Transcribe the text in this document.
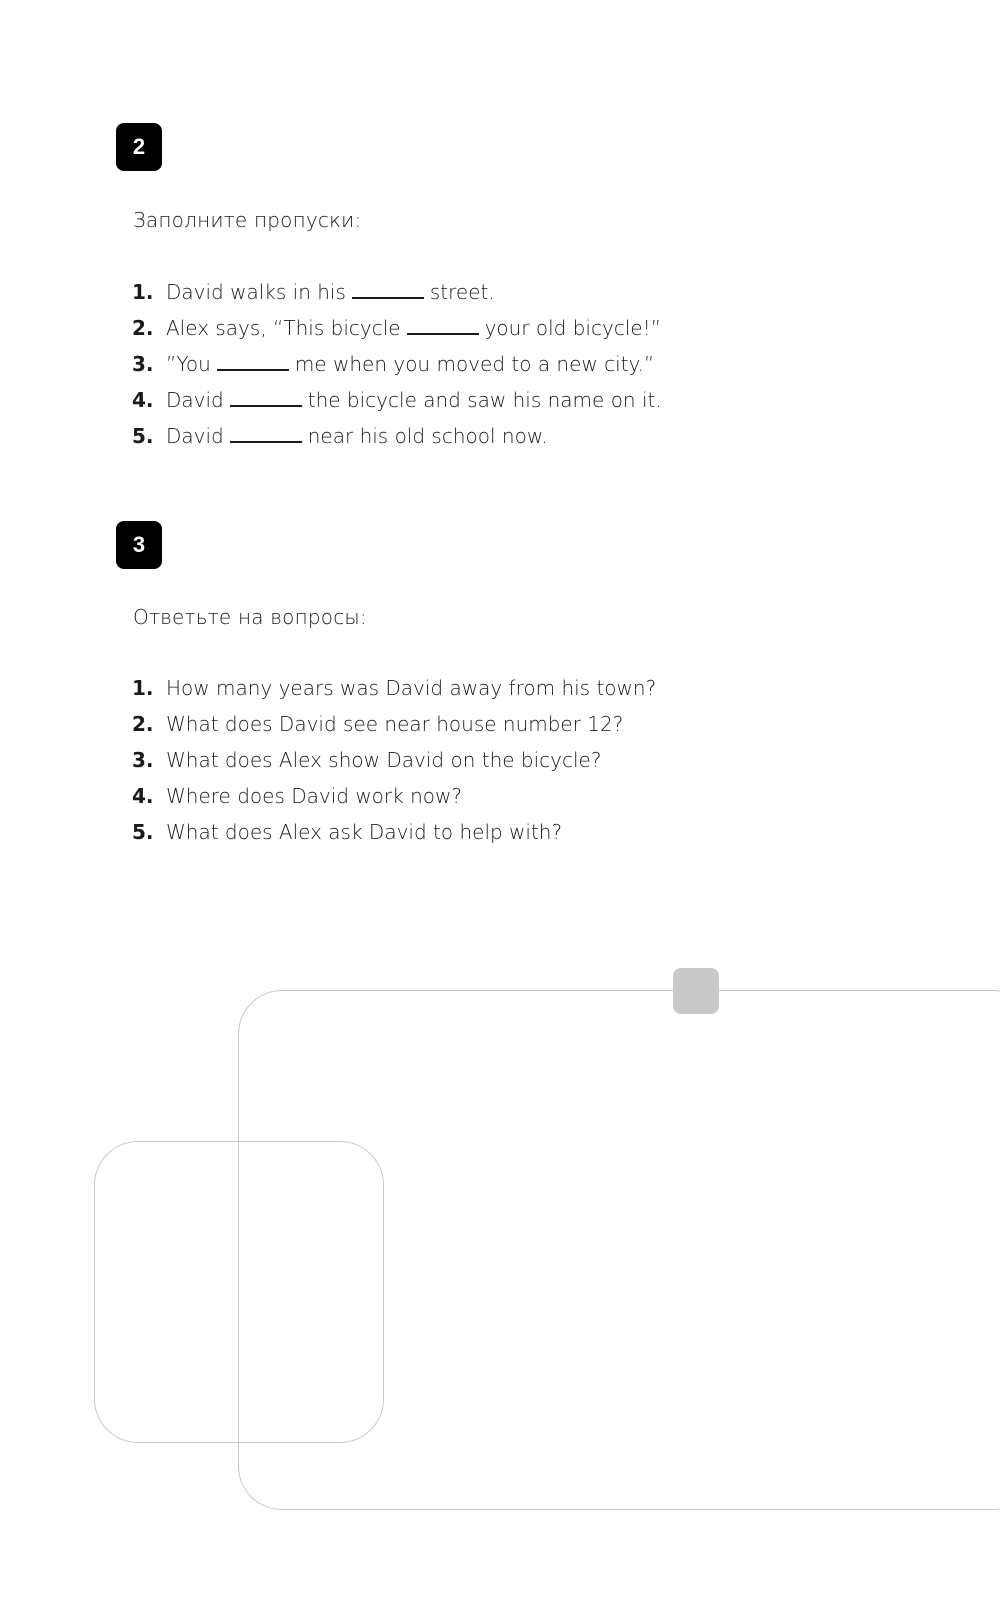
2
Заполните пропуски:
1. David walks in his	street.
2. Alex says, “This bicycle	your old bicycle!”
3. ”You	me when you moved to a new city.”
4. David	the bicycle and saw his name on it.
5. David	near his old school now.
3
Ответьте на вопросы:
1. How many years was David away from his town?
2. What does David see near house number 12?
3. What does Alex show David on the bicycle?
4. Where does David work now?
5. What does Alex ask David to help with?
